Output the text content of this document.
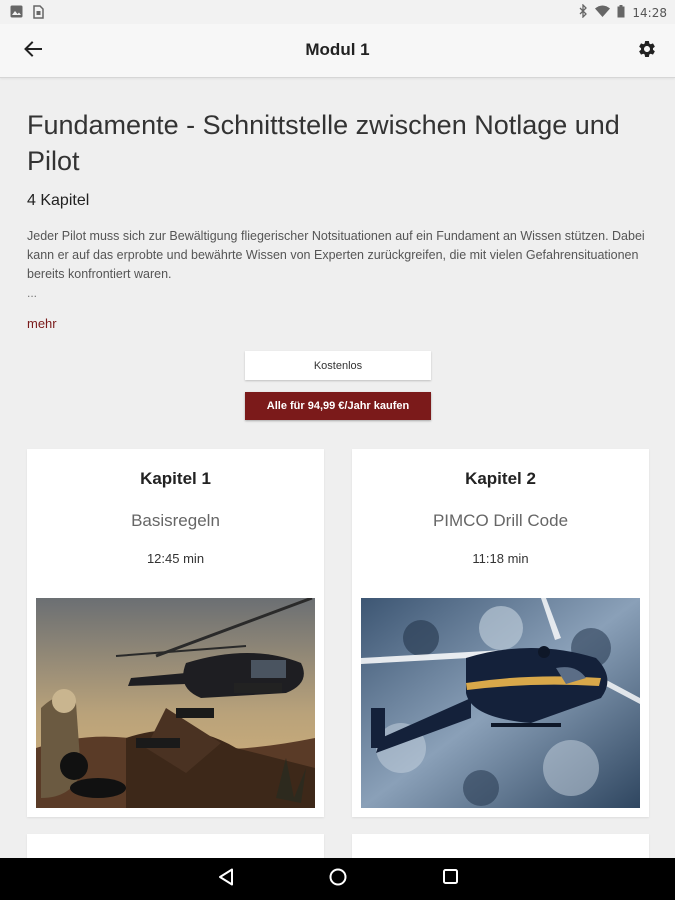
14:28
Modul 1
Fundamente - Schnittstelle zwischen Notlage und Pilot
4 Kapitel

Jeder Pilot muss sich zur Bewältigung fliegerischer Notsituationen auf ein Fundament an Wissen stützen. Dabei kann er auf das erprobte und bewährte Wissen von Experten zurückgreifen, die mit vielen Gefahrensituationen bereits konfrontiert waren.

...
mehr
Kostenlos
Alle für 94,99 €/Jahr kaufen
Kapitel 1
Basisregeln
12:45 min
Kapitel 2
PIMCO Drill Code
11:18 min
